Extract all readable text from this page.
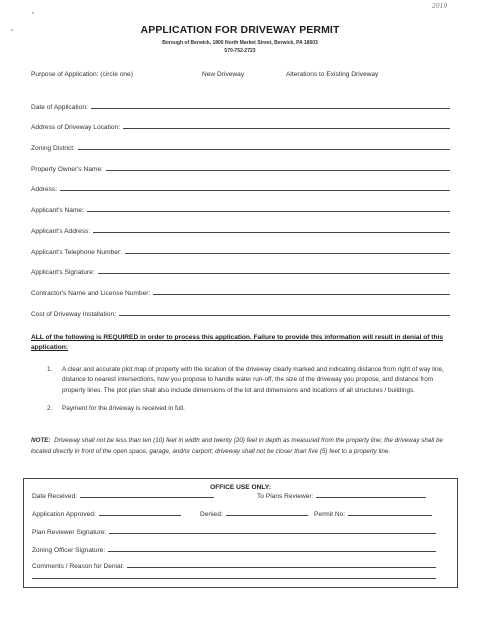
2019
APPLICATION FOR DRIVEWAY PERMIT
Borough of Berwick, 1800 North Market Street, Berwick, PA 18603
570-752-2723
Purpose of Application: (circle one)	New Driveway	Alterations to Existing Driveway
Date of Application:
Address of Driveway Location:
Zoning District:
Property Owner's Name:
Address:
Applicant's Name:
Applicant's Address:
Applicant's Telephone Number:
Applicant's Signature:
Contractor's Name and License Number:
Cost of Driveway Installation:
ALL of the following is REQUIRED in order to process this application. Failure to provide this information will result in denial of this application:
1.	A clear and accurate plot map of property with the location of the driveway clearly marked and indicating distance from right of way line, distance to nearest intersections, how you propose to handle water run-off, the size of the driveway you propose, and distance from property lines. The plot plan shall also include dimensions of the lot and dimensions and locations of all structures / buildings.
2.	Payment for the driveway is received in full.
NOTE: Driveway shall not be less than ten (10) feet in width and twenty (20) feet in depth as measured from the property line; the driveway shall be located directly in front of the open space, garage, and/or carport; driveway shall not be closer than five (5) feet to a property line.
OFFICE USE ONLY:
Date Received:	To Plans Reviewer:
Application Approved:	Denied:	Permit No:
Plan Reviewer Signature:
Zoning Officer Signature:
Comments / Reason for Denial:
